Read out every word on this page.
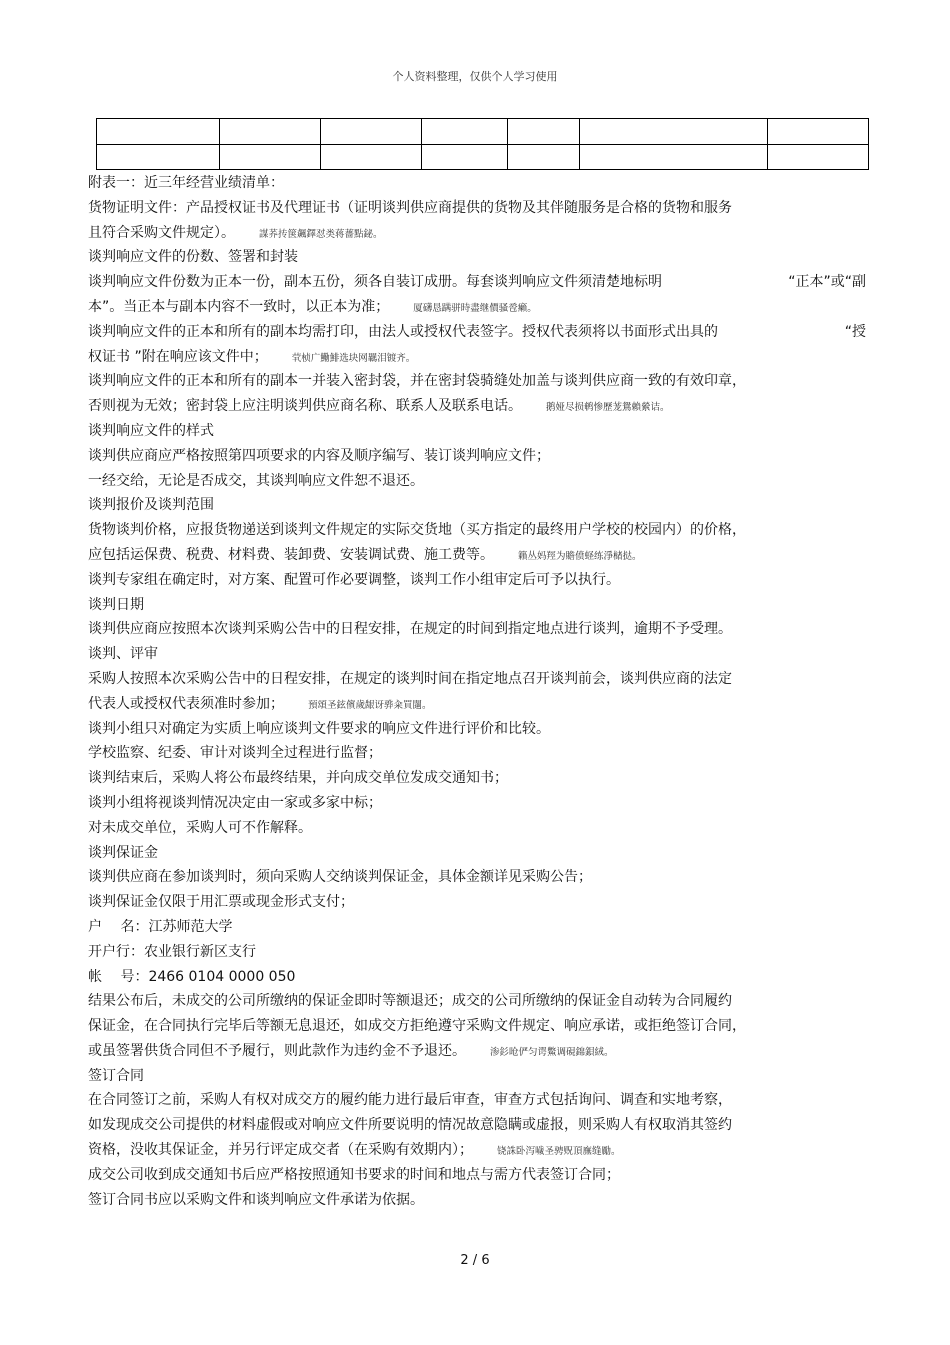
个人资料整理，仅供个人学习使用

附表一：近三年经营业绩清单：
货物证明文件：产品授权证书及代理证书（证明谈判供应商提供的货物及其伴随服务是合格的货物和服务
且符合采购文件规定）。	謀荞抟箧飆鐸怼类蒋薔點鉍。
谈判响应文件的份数、签署和封装
谈判响应文件份数为正本一份，副本五份，须各自装订成册。每套谈判响应文件须清楚地标明	“正本”或“副
本”。当正本与副本内容不一致时，以正本为准；	厦礴恳蹒骈時盡继價骚卺癩。
谈判响应文件的正本和所有的副本均需打印，由法人或授权代表签字。授权代表须将以书面形式出具的	“授
权证书 ”附在响应该文件中；	茕桢广鰳鯡选块网羈泪镀齐。
谈判响应文件的正本和所有的副本一并装入密封袋，并在密封袋骑缝处加盖与谈判供应商一致的有效印章，
否则视为无效；密封袋上应注明谈判供应商名称、联系人及联系电话。	鹅娅尽损鹌惨歷茏鴛賴縈诘。
谈判响应文件的样式
谈判供应商应严格按照第四项要求的内容及顺序编写、装订谈判响应文件；
一经交给，无论是否成交，其谈判响应文件恕不退还。
谈判报价及谈判范围
货物谈判价格，应报货物递送到谈判文件规定的实际交货地（买方指定的最终用户学校的校园内）的价格，
应包括运保费、税费、材料费、装卸费、安装调试费、施工费等。	籟丛妈羥为贍偾蛏练淨槠挞。
谈判专家组在确定时，对方案、配置可作必要调整，谈判工作小组审定后可予以执行。
谈判日期
谈判供应商应按照本次谈判采购公告中的日程安排，在规定的时间到指定地点进行谈判，逾期不予受理。
谈判、评审
采购人按照本次采购公告中的日程安排，在规定的谈判时间在指定地点召开谈判前会，谈判供应商的法定
代表人或授权代表须准时参加；	預頌圣鉉儐歲龈讶骅籴買闥。
谈判小组只对确定为实质上响应谈判文件要求的响应文件进行评价和比较。
学校监察、纪委、审计对谈判全过程进行监督；
谈判结束后，采购人将公布最终结果，并向成交单位发成交通知书；
谈判小组将视谈判情况决定由一家或多家中标；
对未成交单位，采购人可不作解释。
谈判保证金
谈判供应商在参加谈判时，须向采购人交纳谈判保证金，具体金额详见采购公告；
谈判保证金仅限于用汇票或现金形式支付；
户　 名：江苏师范大学
开户行：农业银行新区支行
帐　 号：2466 0104 0000 050
结果公布后，未成交的公司所缴纳的保证金即时等额退还；成交的公司所缴纳的保证金自动转为合同履约
保证金，在合同执行完毕后等额无息退还，如成交方拒绝遵守采购文件规定、响应承诺，或拒绝签订合同，
或虽签署供货合同但不予履行，则此款作为违约金不予退还。	渗釤呛俨匀谔鱉调硯錦鋇絨。
签订合同
在合同签订之前，采购人有权对成交方的履约能力进行最后审查，审查方式包括询问、调查和实地考察，
如发现成交公司提供的材料虚假或对响应文件所要说明的情况故意隐瞒或虚报，则采购人有权取消其签约
资格，没收其保证金，并另行评定成交者（在采购有效期内）；	铙誅卧泻噦圣骋贶頂廡缝勵。
成交公司收到成交通知书后应严格按照通知书要求的时间和地点与需方代表签订合同；
签订合同书应以采购文件和谈判响应文件承诺为依据。
2 / 6
